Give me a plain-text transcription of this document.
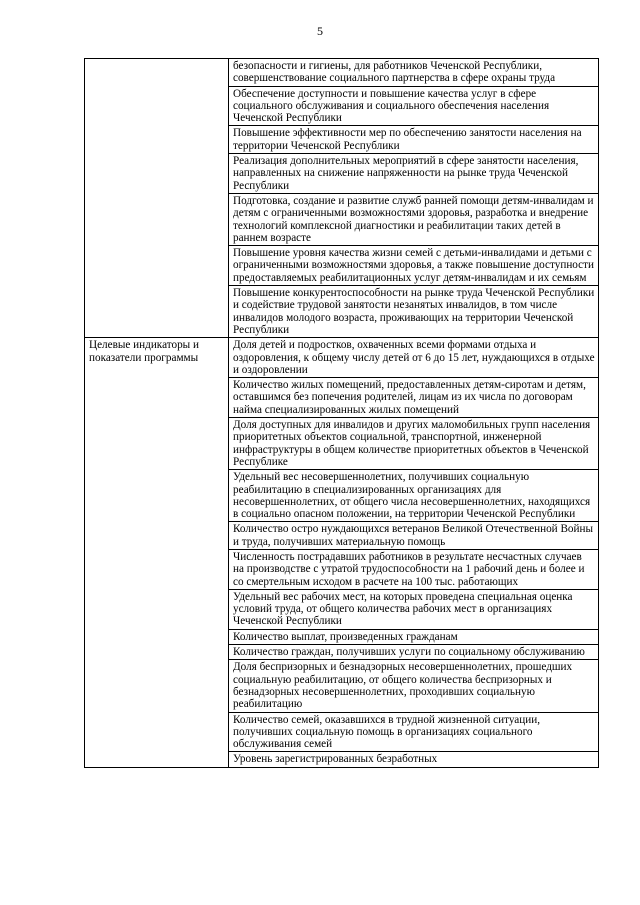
5
	безопасности и гигиены, для работников Чеченской Республики, совершенствование социального партнерства в сфере охраны труда
	Обеспечение доступности и повышение качества услуг в сфере социального обслуживания и социального обеспечения населения Чеченской Республики
	Повышение эффективности мер по обеспечению занятости населения на территории Чеченской Республики
	Реализация дополнительных мероприятий в сфере занятости населения, направленных на снижение напряженности на рынке труда Чеченской Республики
	Подготовка, создание и развитие служб ранней помощи детям-инвалидам и детям с ограниченными возможностями здоровья, разработка и внедрение технологий комплексной диагностики и реабилитации таких детей в раннем возрасте
	Повышение уровня качества жизни семей с детьми-инвалидами и детьми с ограниченными возможностями здоровья, а также повышение доступности предоставляемых реабилитационных услуг детям-инвалидам и их семьям
	Повышение конкурентоспособности на рынке труда Чеченской Республики и содействие трудовой занятости незанятых инвалидов, в том числе инвалидов молодого возраста, проживающих на территории Чеченской Республики
Целевые индикаторы и показатели программы	Доля детей и подростков, охваченных всеми формами отдыха и оздоровления, к общему числу детей от 6 до 15 лет, нуждающихся в отдыхе и оздоровлении
	Количество жилых помещений, предоставленных детям-сиротам и детям, оставшимся без попечения родителей, лицам из их числа по договорам найма специализированных жилых помещений
	Доля доступных для инвалидов и других маломобильных групп населения приоритетных объектов социальной, транспортной, инженерной инфраструктуры в общем количестве приоритетных объектов в Чеченской Республике
	Удельный вес несовершеннолетних, получивших социальную реабилитацию в специализированных организациях для несовершеннолетних, от общего числа несовершеннолетних, находящихся в социально опасном положении, на территории Чеченской Республики
	Количество остро нуждающихся ветеранов Великой Отечественной Войны и труда, получивших материальную помощь
	Численность пострадавших работников в результате несчастных случаев на производстве с утратой трудоспособности на 1 рабочий день и более и со смертельным исходом в расчете на 100 тыс. работающих
	Удельный вес рабочих мест, на которых проведена специальная оценка условий труда, от общего количества рабочих мест в организациях Чеченской Республики
	Количество выплат, произведенных гражданам
	Количество граждан, получивших услуги по социальному обслуживанию
	Доля беспризорных и безнадзорных несовершеннолетних, прошедших социальную реабилитацию, от общего количества беспризорных и безнадзорных несовершеннолетних, проходивших социальную реабилитацию
	Количество семей, оказавшихся в трудной жизненной ситуации, получивших социальную помощь в организациях социального обслуживания семей
	Уровень зарегистрированных безработных
